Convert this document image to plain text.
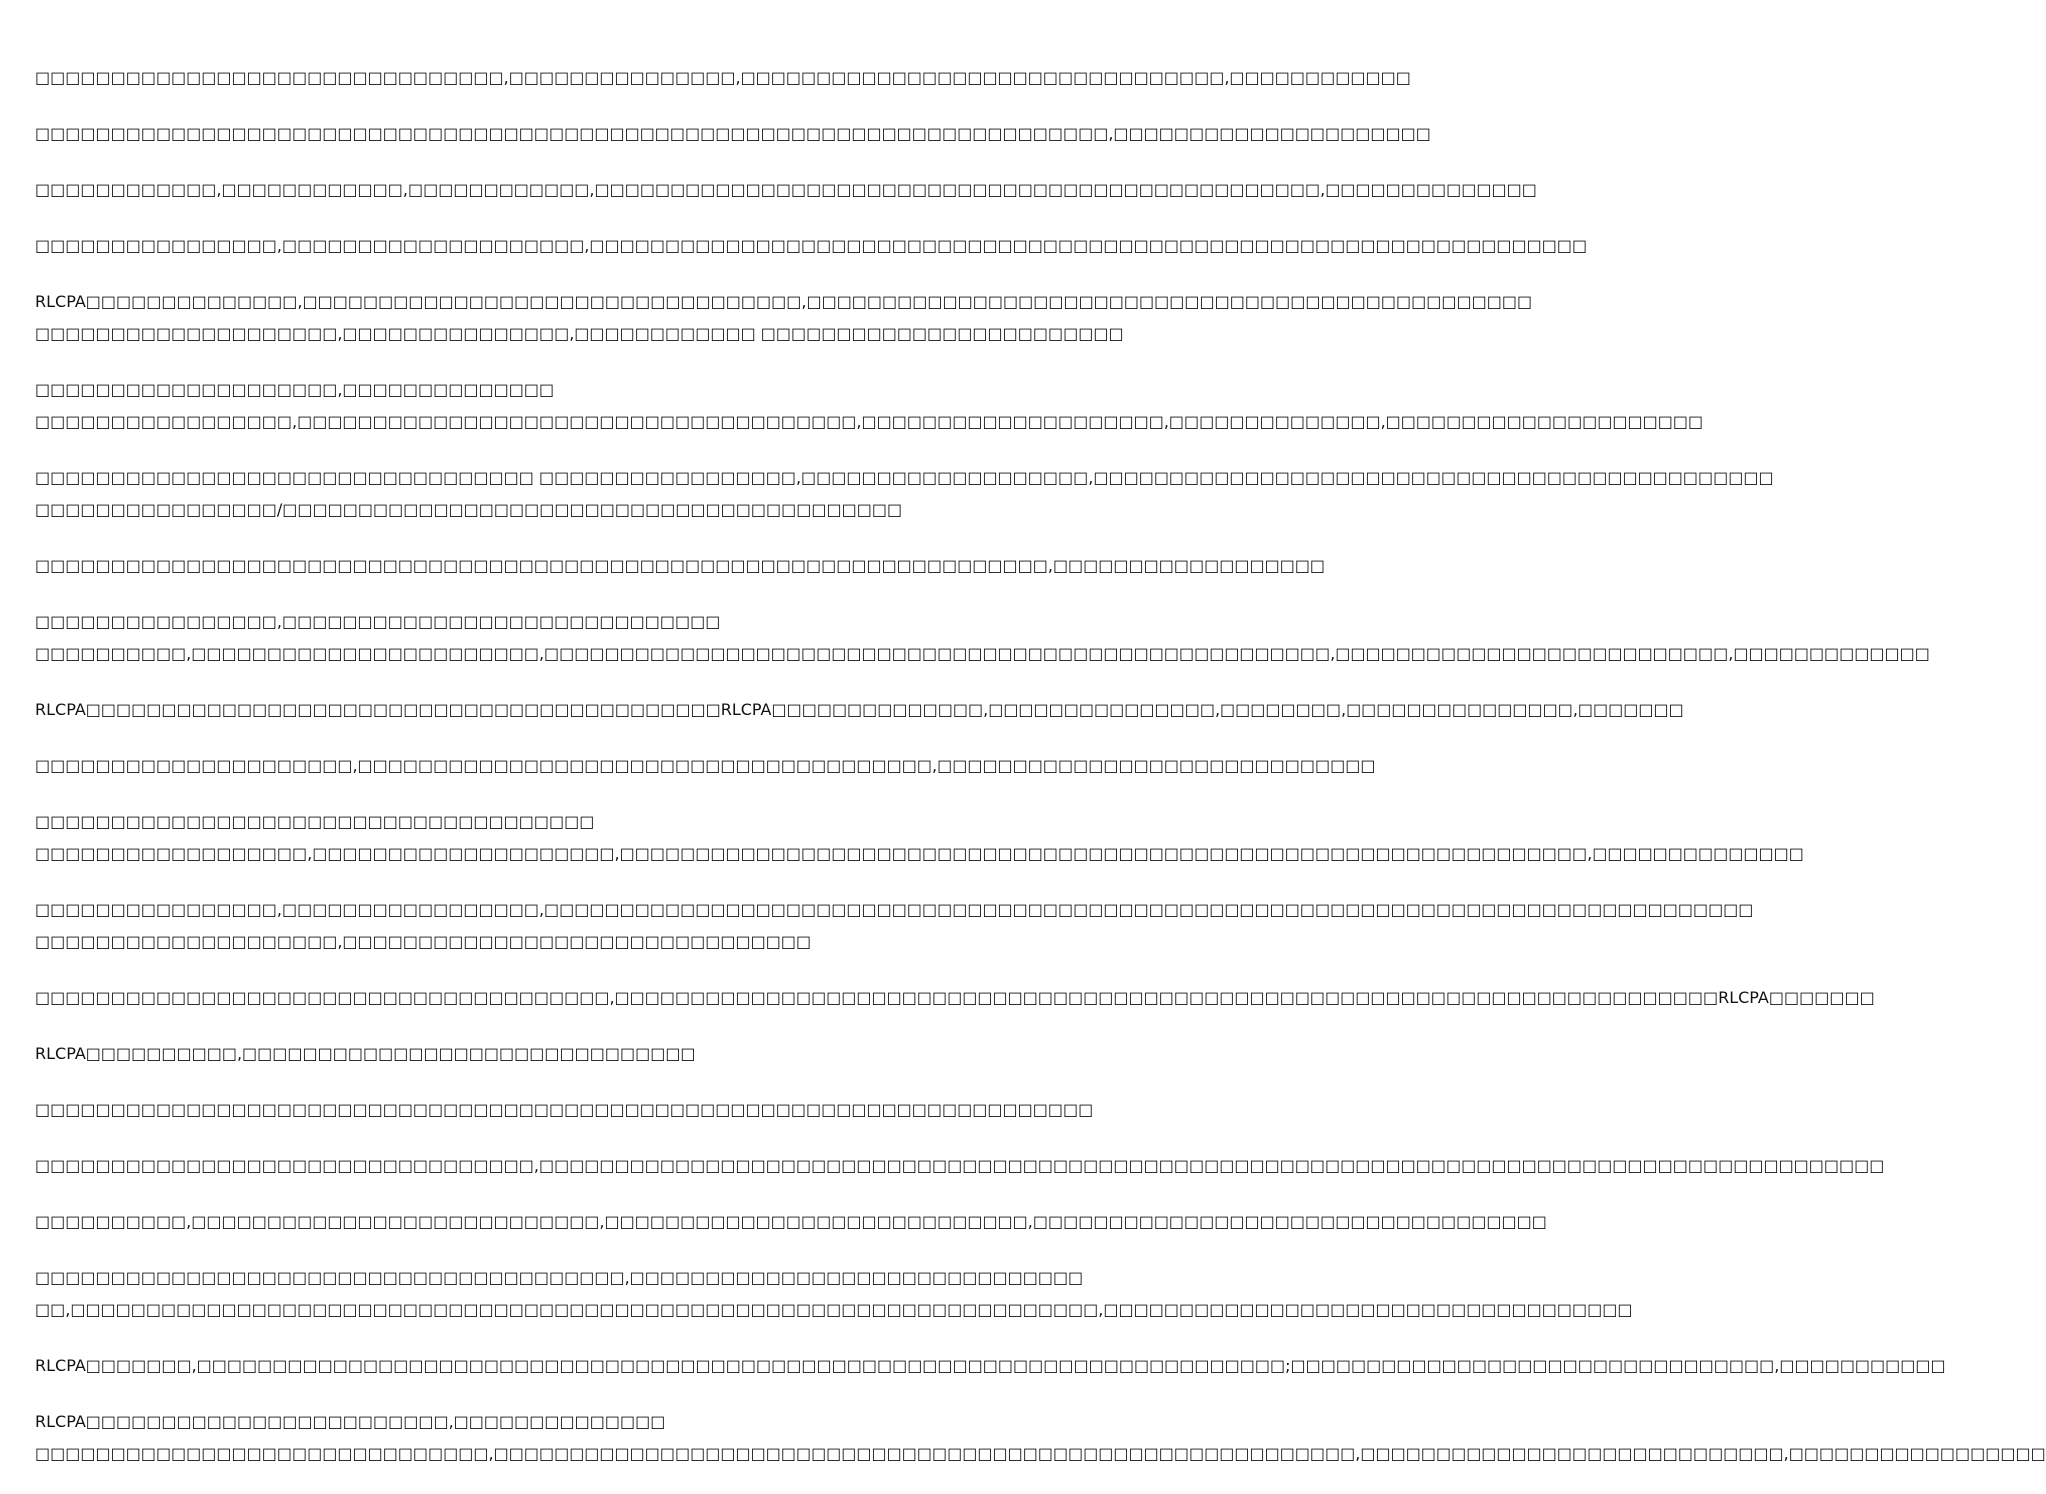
□□□□□□□□□□□□□□□□□□□□□□□□□□□□□□□,□□□□□□□□□□□□□□□,□□□□□□□□□□□□□□□□□□□□□□□□□□□□□□□□,□□□□□□□□□□□□
□□□□□□□□□□□□□□□□□□□□□□□□□□□□□□□□□□□□□□□□□□□□□□□□□□□□□□□□□□□□□□□□□□□□□□□,□□□□□□□□□□□□□□□□□□□□□
□□□□□□□□□□□□,□□□□□□□□□□□□,□□□□□□□□□□□□,□□□□□□□□□□□□□□□□□□□□□□□□□□□□□□□□□□□□□□□□□□□□□□□□,□□□□□□□□□□□□□□
□□□□□□□□□□□□□□□□,□□□□□□□□□□□□□□□□□□□□,□□□□□□□□□□□□□□□□□□□□□□□□□□□□□□□□□□□□□□□□□□□□□□□□□□□□□□□□□□□□□□□□□□
RLCPA□□□□□□□□□□□□□□,□□□□□□□□□□□□□□□□□□□□□□□□□□□□□□□□□,□□□□□□□□□□□□□□□□□□□□□□□□□□□□□□□□□□□□□□□□□□□□□□□□
□□□□□□□□□□□□□□□□□□□□,□□□□□□□□□□□□□□□,□□□□□□□□□□□□ □□□□□□□□□□□□□□□□□□□□□□□□
□□□□□□□□□□□□□□□□□□□□,□□□□□□□□□□□□□□
□□□□□□□□□□□□□□□□□,□□□□□□□□□□□□□□□□□□□□□□□□□□□□□□□□□□□□□,□□□□□□□□□□□□□□□□□□□□,□□□□□□□□□□□□□□,□□□□□□□□□□□□□□□□□□□□□
□□□□□□□□□□□□□□□□□□□□□□□□□□□□□□□□□ □□□□□□□□□□□□□□□□□,□□□□□□□□□□□□□□□□□□□,□□□□□□□□□□□□□□□□□□□□□□□□□□□□□□□□□□□□□□□□□□□□□
□□□□□□□□□□□□□□□□/□□□□□□□□□□□□□□□□□□□□□□□□□□□□□□□□□□□□□□□□□
□□□□□□□□□□□□□□□□□□□□□□□□□□□□□□□□□□□□□□□□□□□□□□□□□□□□□□□□□□□□□□□□□□□,□□□□□□□□□□□□□□□□□□
□□□□□□□□□□□□□□□□,□□□□□□□□□□□□□□□□□□□□□□□□□□□□□
□□□□□□□□□□,□□□□□□□□□□□□□□□□□□□□□□□,□□□□□□□□□□□□□□□□□□□□□□□□□□□□□□□□□□□□□□□□□□□□□□□□□□□□,□□□□□□□□□□□□□□□□□□□□□□□□□□,□□□□□□□□□□□□□
RLCPA□□□□□□□□□□□□□□□□□□□□□□□□□□□□□□□□□□□□□□□□□□RLCPA□□□□□□□□□□□□□□,□□□□□□□□□□□□□□□,□□□□□□□□,□□□□□□□□□□□□□□□,□□□□□□□
□□□□□□□□□□□□□□□□□□□□□,□□□□□□□□□□□□□□□□□□□□□□□□□□□□□□□□□□□□□□,□□□□□□□□□□□□□□□□□□□□□□□□□□□□□
□□□□□□□□□□□□□□□□□□□□□□□□□□□□□□□□□□□□□
□□□□□□□□□□□□□□□□□□,□□□□□□□□□□□□□□□□□□□□,□□□□□□□□□□□□□□□□□□□□□□□□□□□□□□□□□□□□□□□□□□□□□□□□□□□□□□□□□□□□□□□□,□□□□□□□□□□□□□□
□□□□□□□□□□□□□□□□,□□□□□□□□□□□□□□□□□,□□□□□□□□□□□□□□□□□□□□□□□□□□□□□□□□□□□□□□□□□□□□□□□□□□□□□□□□□□□□□□□□□□□□□□□□□□□□□□□□
□□□□□□□□□□□□□□□□□□□□,□□□□□□□□□□□□□□□□□□□□□□□□□□□□□□□
□□□□□□□□□□□□□□□□□□□□□□□□□□□□□□□□□□□□□□,□□□□□□□□□□□□□□□□□□□□□□□□□□□□□□□□□□□□□□□□□□□□□□□□□□□□□□□□□□□□□□□□□□□□□□□□□RLCPA□□□□□□□
RLCPA□□□□□□□□□□,□□□□□□□□□□□□□□□□□□□□□□□□□□□□□□
□□□□□□□□□□□□□□□□□□□□□□□□□□□□□□□□□□□□□□□□□□□□□□□□□□□□□□□□□□□□□□□□□□□□□□
□□□□□□□□□□□□□□□□□□□□□□□□□□□□□□□□□,□□□□□□□□□□□□□□□□□□□□□□□□□□□□□□□□□□□□□□□□□□□□□□□□□□□□□□□□□□□□□□□□□□□□□□□□□□□□□□□□□□□□□□□□□
□□□□□□□□□□,□□□□□□□□□□□□□□□□□□□□□□□□□□□,□□□□□□□□□□□□□□□□□□□□□□□□□□□□,□□□□□□□□□□□□□□□□□□□□□□□□□□□□□□□□□□
□□□□□□□□□□□□□□□□□□□□□□□□□□□□□□□□□□□□□□□,□□□□□□□□□□□□□□□□□□□□□□□□□□□□□□
□□,□□□□□□□□□□□□□□□□□□□□□□□□□□□□□□□□□□□□□□□□□□□□□□□□□□□□□□□□□□□□□□□□□□□□,□□□□□□□□□□□□□□□□□□□□□□□□□□□□□□□□□□□
RLCPA□□□□□□□,□□□□□□□□□□□□□□□□□□□□□□□□□□□□□□□□□□□□□□□□□□□□□□□□□□□□□□□□□□□□□□□□□□□□□□□□;□□□□□□□□□□□□□□□□□□□□□□□□□□□□□□□□,□□□□□□□□□□□
RLCPA□□□□□□□□□□□□□□□□□□□□□□□□,□□□□□□□□□□□□□□
□□□□□□□□□□□□□□□□□□□□□□□□□□□□□□,□□□□□□□□□□□□□□□□□□□□□□□□□□□□□□□□□□□□□□□□□□□□□□□□□□□□□□□□□,□□□□□□□□□□□□□□□□□□□□□□□□□□□□,□□□□□□□□□□□□□□□□□
